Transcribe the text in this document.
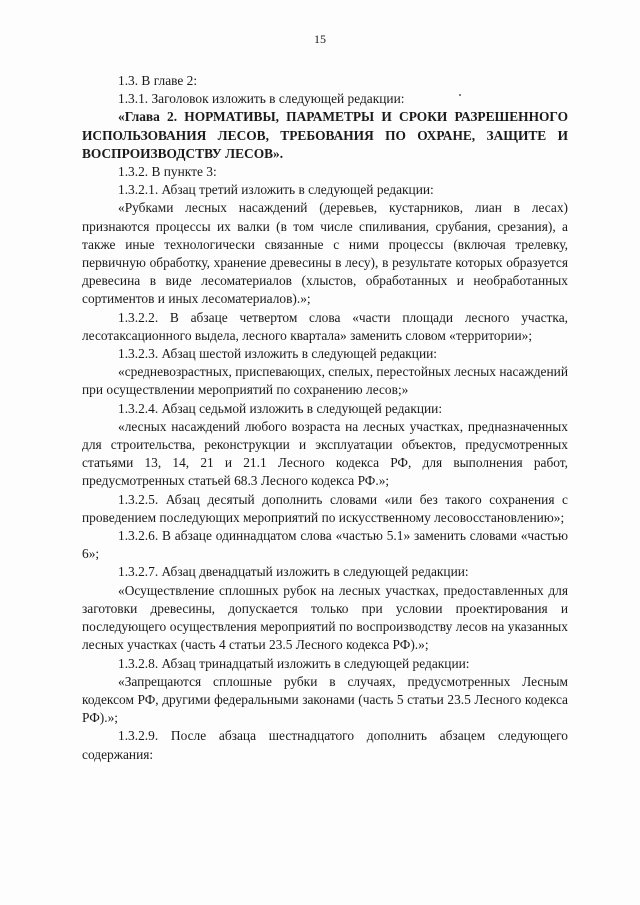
15

1.3. В главе 2:

1.3.1. Заголовок изложить в следующей редакции:

«Глава 2. НОРМАТИВЫ, ПАРАМЕТРЫ И СРОКИ РАЗРЕШЕННОГО ИСПОЛЬЗОВАНИЯ ЛЕСОВ, ТРЕБОВАНИЯ ПО ОХРАНЕ, ЗАЩИТЕ И ВОСПРОИЗВОДСТВУ ЛЕСОВ».

1.3.2. В пункте 3:

1.3.2.1. Абзац третий изложить в следующей редакции:

«Рубками лесных насаждений (деревьев, кустарников, лиан в лесах) признаются процессы их валки (в том числе спиливания, срубания, срезания), а также иные технологически связанные с ними процессы (включая трелевку, первичную обработку, хранение древесины в лесу), в результате которых образуется древесина в виде лесоматериалов (хлыстов, обработанных и необработанных сортиментов и иных лесоматериалов).»;

1.3.2.2. В абзаце четвертом слова «части площади лесного участка, лесотаксационного выдела, лесного квартала» заменить словом «территории»;

1.3.2.3. Абзац шестой изложить в следующей редакции:

«средневозрастных, приспевающих, спелых, перестойных лесных насаждений при осуществлении мероприятий по сохранению лесов;»

1.3.2.4. Абзац седьмой изложить в следующей редакции:

«лесных насаждений любого возраста на лесных участках, предназначенных для строительства, реконструкции и эксплуатации объектов, предусмотренных статьями 13, 14, 21 и 21.1 Лесного кодекса РФ, для выполнения работ, предусмотренных статьей 68.3 Лесного кодекса РФ.»;

1.3.2.5. Абзац десятый дополнить словами «или без такого сохранения с проведением последующих мероприятий по искусственному лесовосстановлению»;

1.3.2.6. В абзаце одиннадцатом слова «частью 5.1» заменить словами «частью 6»;

1.3.2.7. Абзац двенадцатый изложить в следующей редакции:

«Осуществление сплошных рубок на лесных участках, предоставленных для заготовки древесины, допускается только при условии проектирования и последующего осуществления мероприятий по воспроизводству лесов на указанных лесных участках (часть 4 статьи 23.5 Лесного кодекса РФ).»;

1.3.2.8. Абзац тринадцатый изложить в следующей редакции:

«Запрещаются сплошные рубки в случаях, предусмотренных Лесным кодексом РФ, другими федеральными законами (часть 5 статьи 23.5 Лесного кодекса РФ).»;

1.3.2.9. После абзаца шестнадцатого дополнить абзацем следующего содержания:
